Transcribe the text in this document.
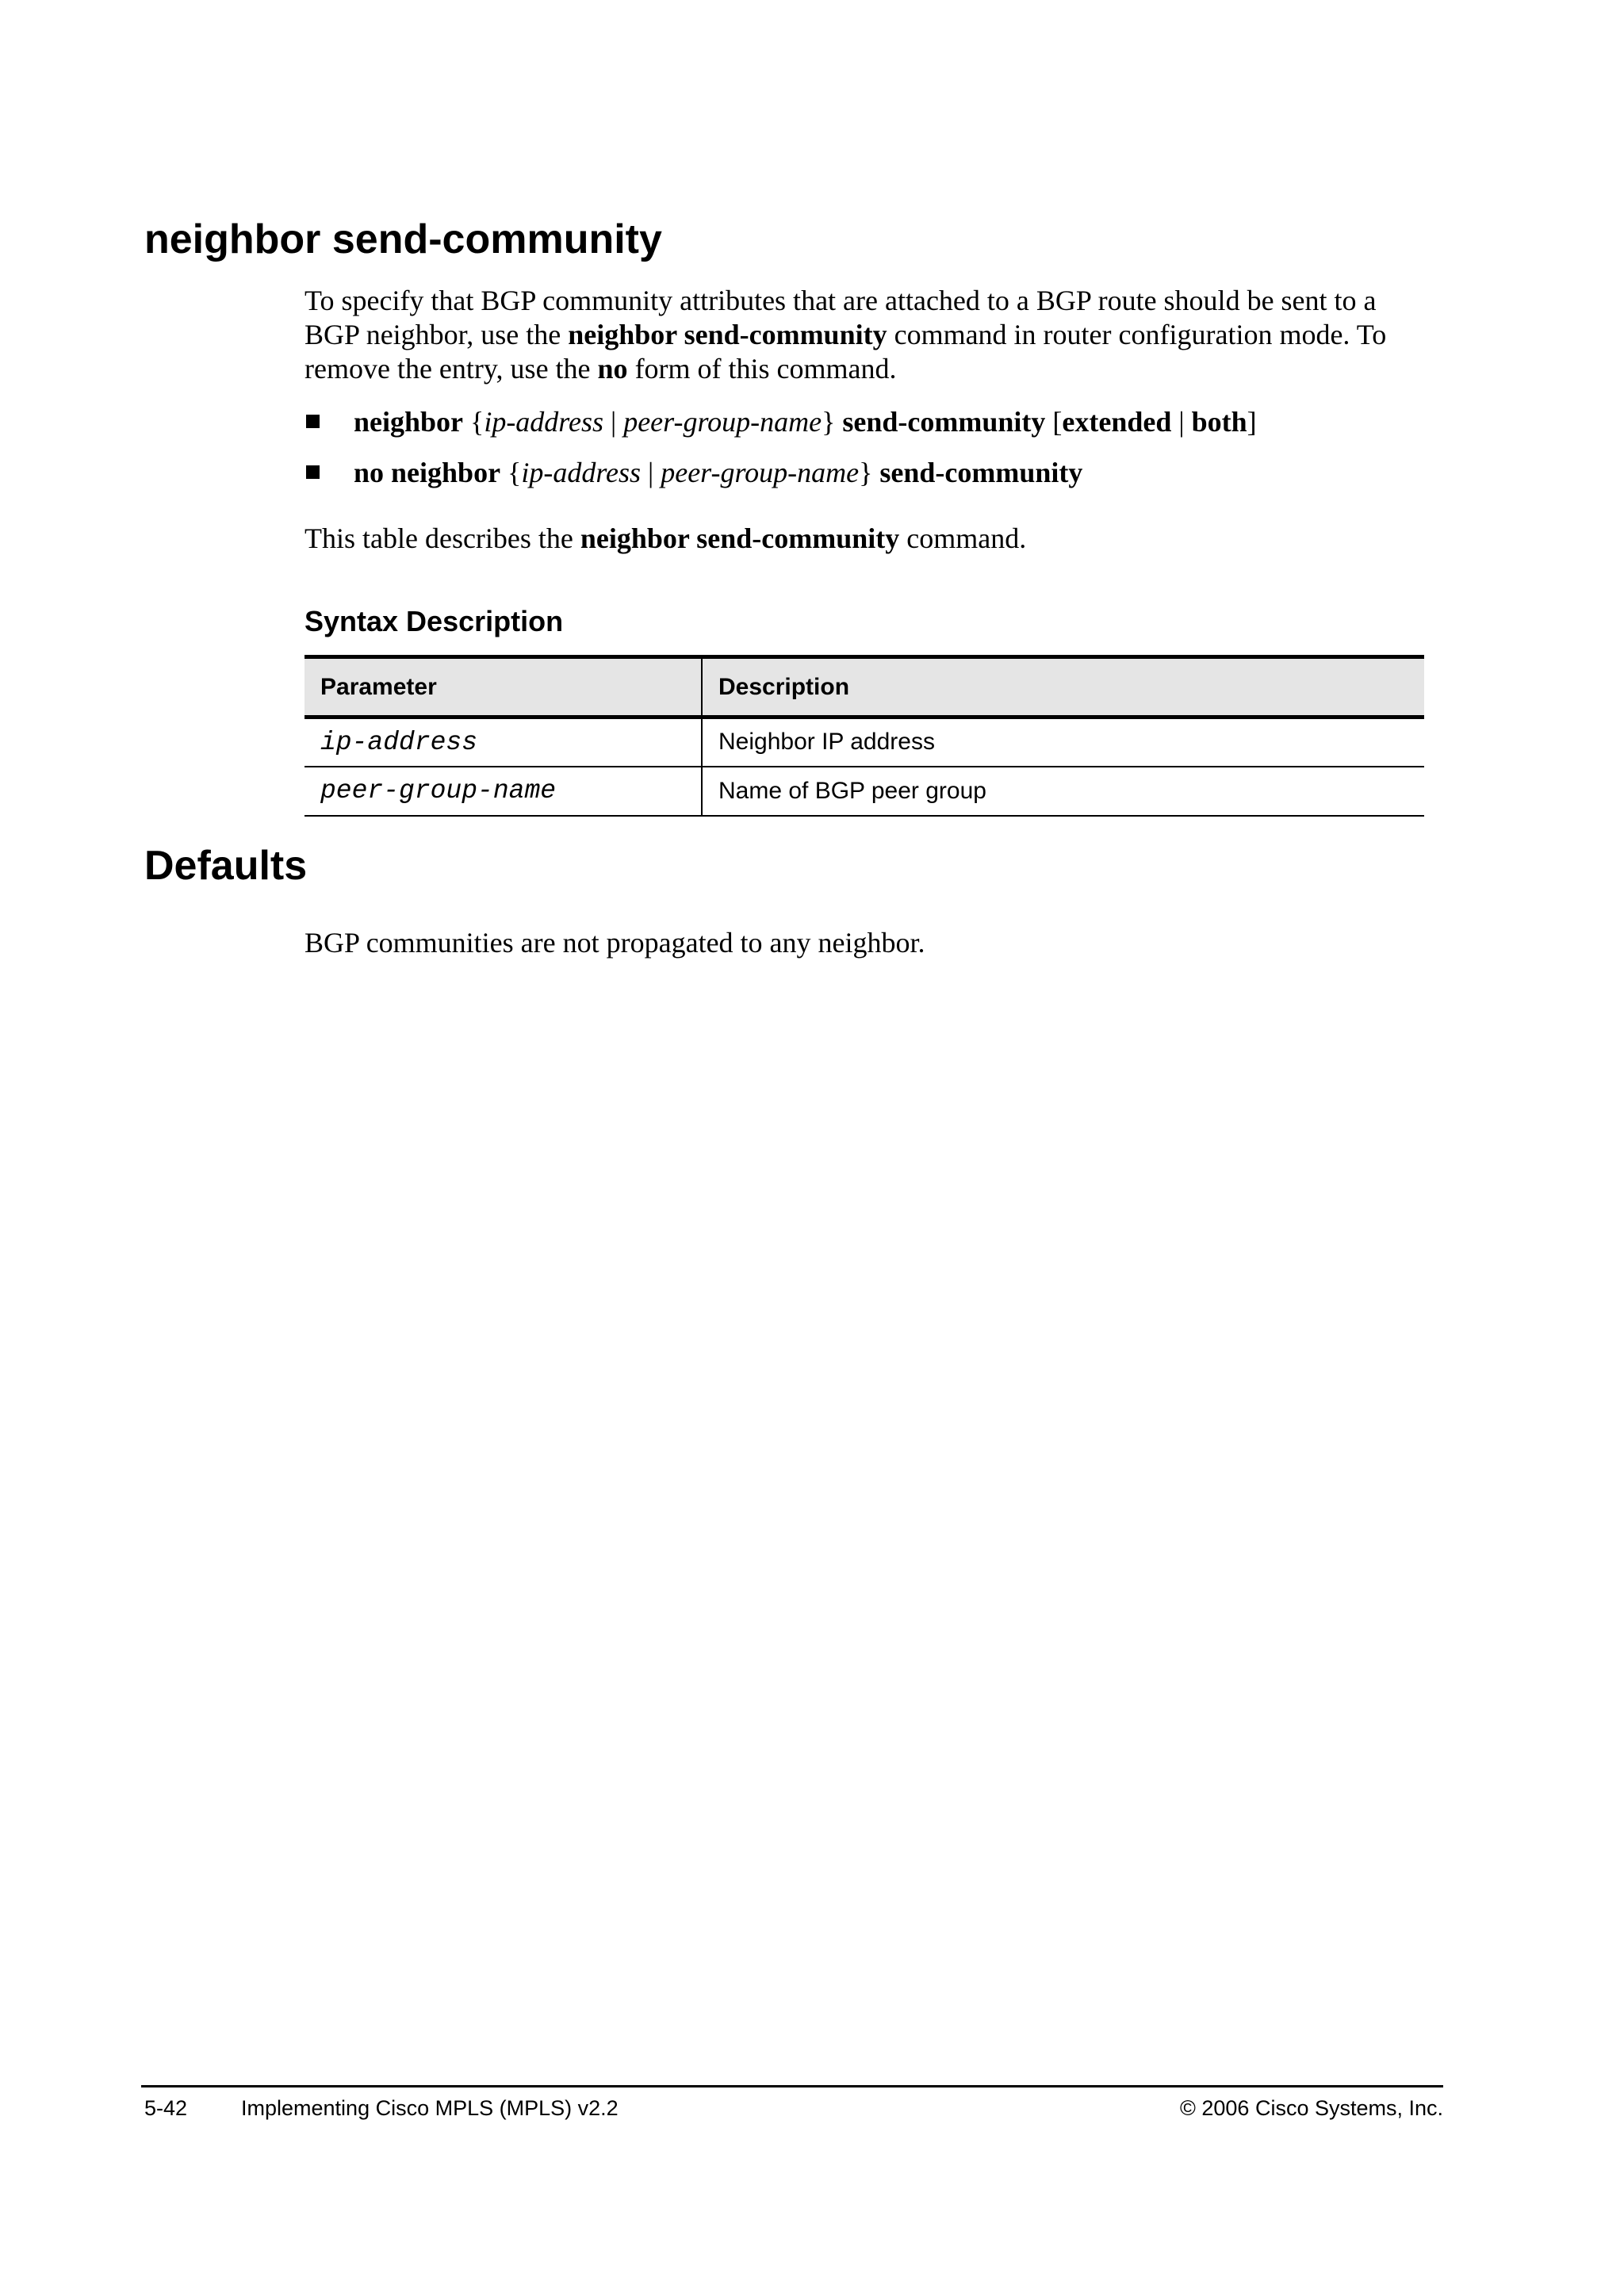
neighbor send-community

To specify that BGP community attributes that are attached to a BGP route should be sent to a BGP neighbor, use the neighbor send-community command in router configuration mode. To remove the entry, use the no form of this command.

neighbor {ip-address | peer-group-name} send-community [extended | both]
no neighbor {ip-address | peer-group-name} send-community

This table describes the neighbor send-community command.

Syntax Description
Parameter	Description
ip-address	Neighbor IP address
peer-group-name	Name of BGP peer group
Defaults

BGP communities are not propagated to any neighbor.

5-42	Implementing Cisco MPLS (MPLS) v2.2	© 2006 Cisco Systems, Inc.
